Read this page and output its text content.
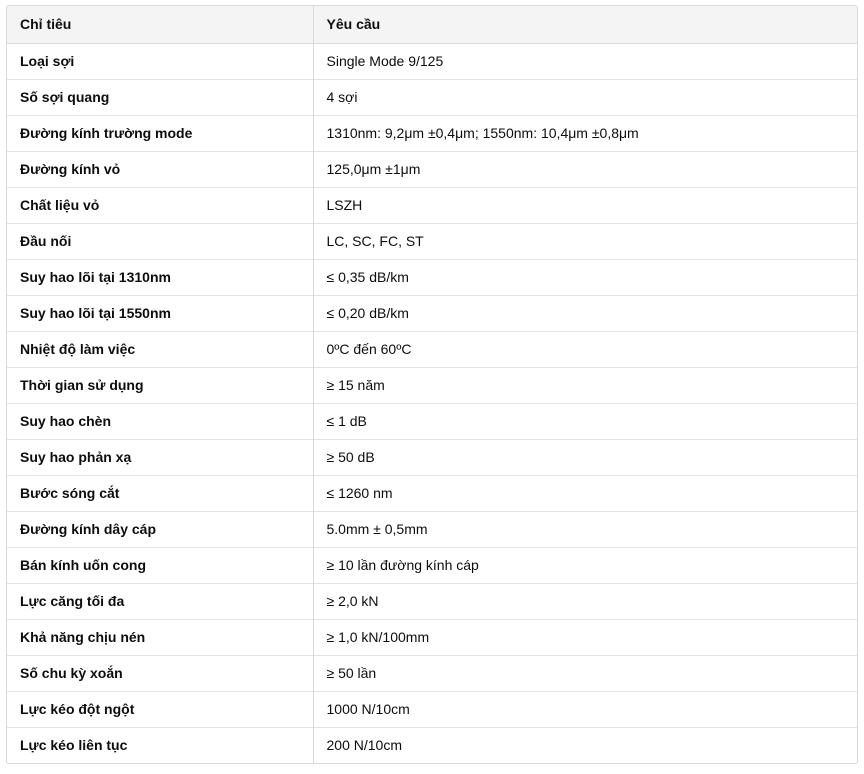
Chỉ tiêu	Yêu cầu
Loại sợi	Single Mode 9/125
Số sợi quang	4 sợi
Đường kính trường mode	1310nm: 9,2μm ±0,4μm; 1550nm: 10,4μm ±0,8μm
Đường kính vỏ	125,0μm ±1μm
Chất liệu vỏ	LSZH
Đầu nối	LC, SC, FC, ST
Suy hao lõi tại 1310nm	≤ 0,35 dB/km
Suy hao lõi tại 1550nm	≤ 0,20 dB/km
Nhiệt độ làm việc	0ºC đến 60ºC
Thời gian sử dụng	≥ 15 năm
Suy hao chèn	≤ 1 dB
Suy hao phản xạ	≥ 50 dB
Bước sóng cắt	≤ 1260 nm
Đường kính dây cáp	5.0mm ± 0,5mm
Bán kính uốn cong	≥ 10 lần đường kính cáp
Lực căng tối đa	≥ 2,0 kN
Khả năng chịu nén	≥ 1,0 kN/100mm
Số chu kỳ xoắn	≥ 50 lần
Lực kéo đột ngột	1000 N/10cm
Lực kéo liên tục	200 N/10cm
